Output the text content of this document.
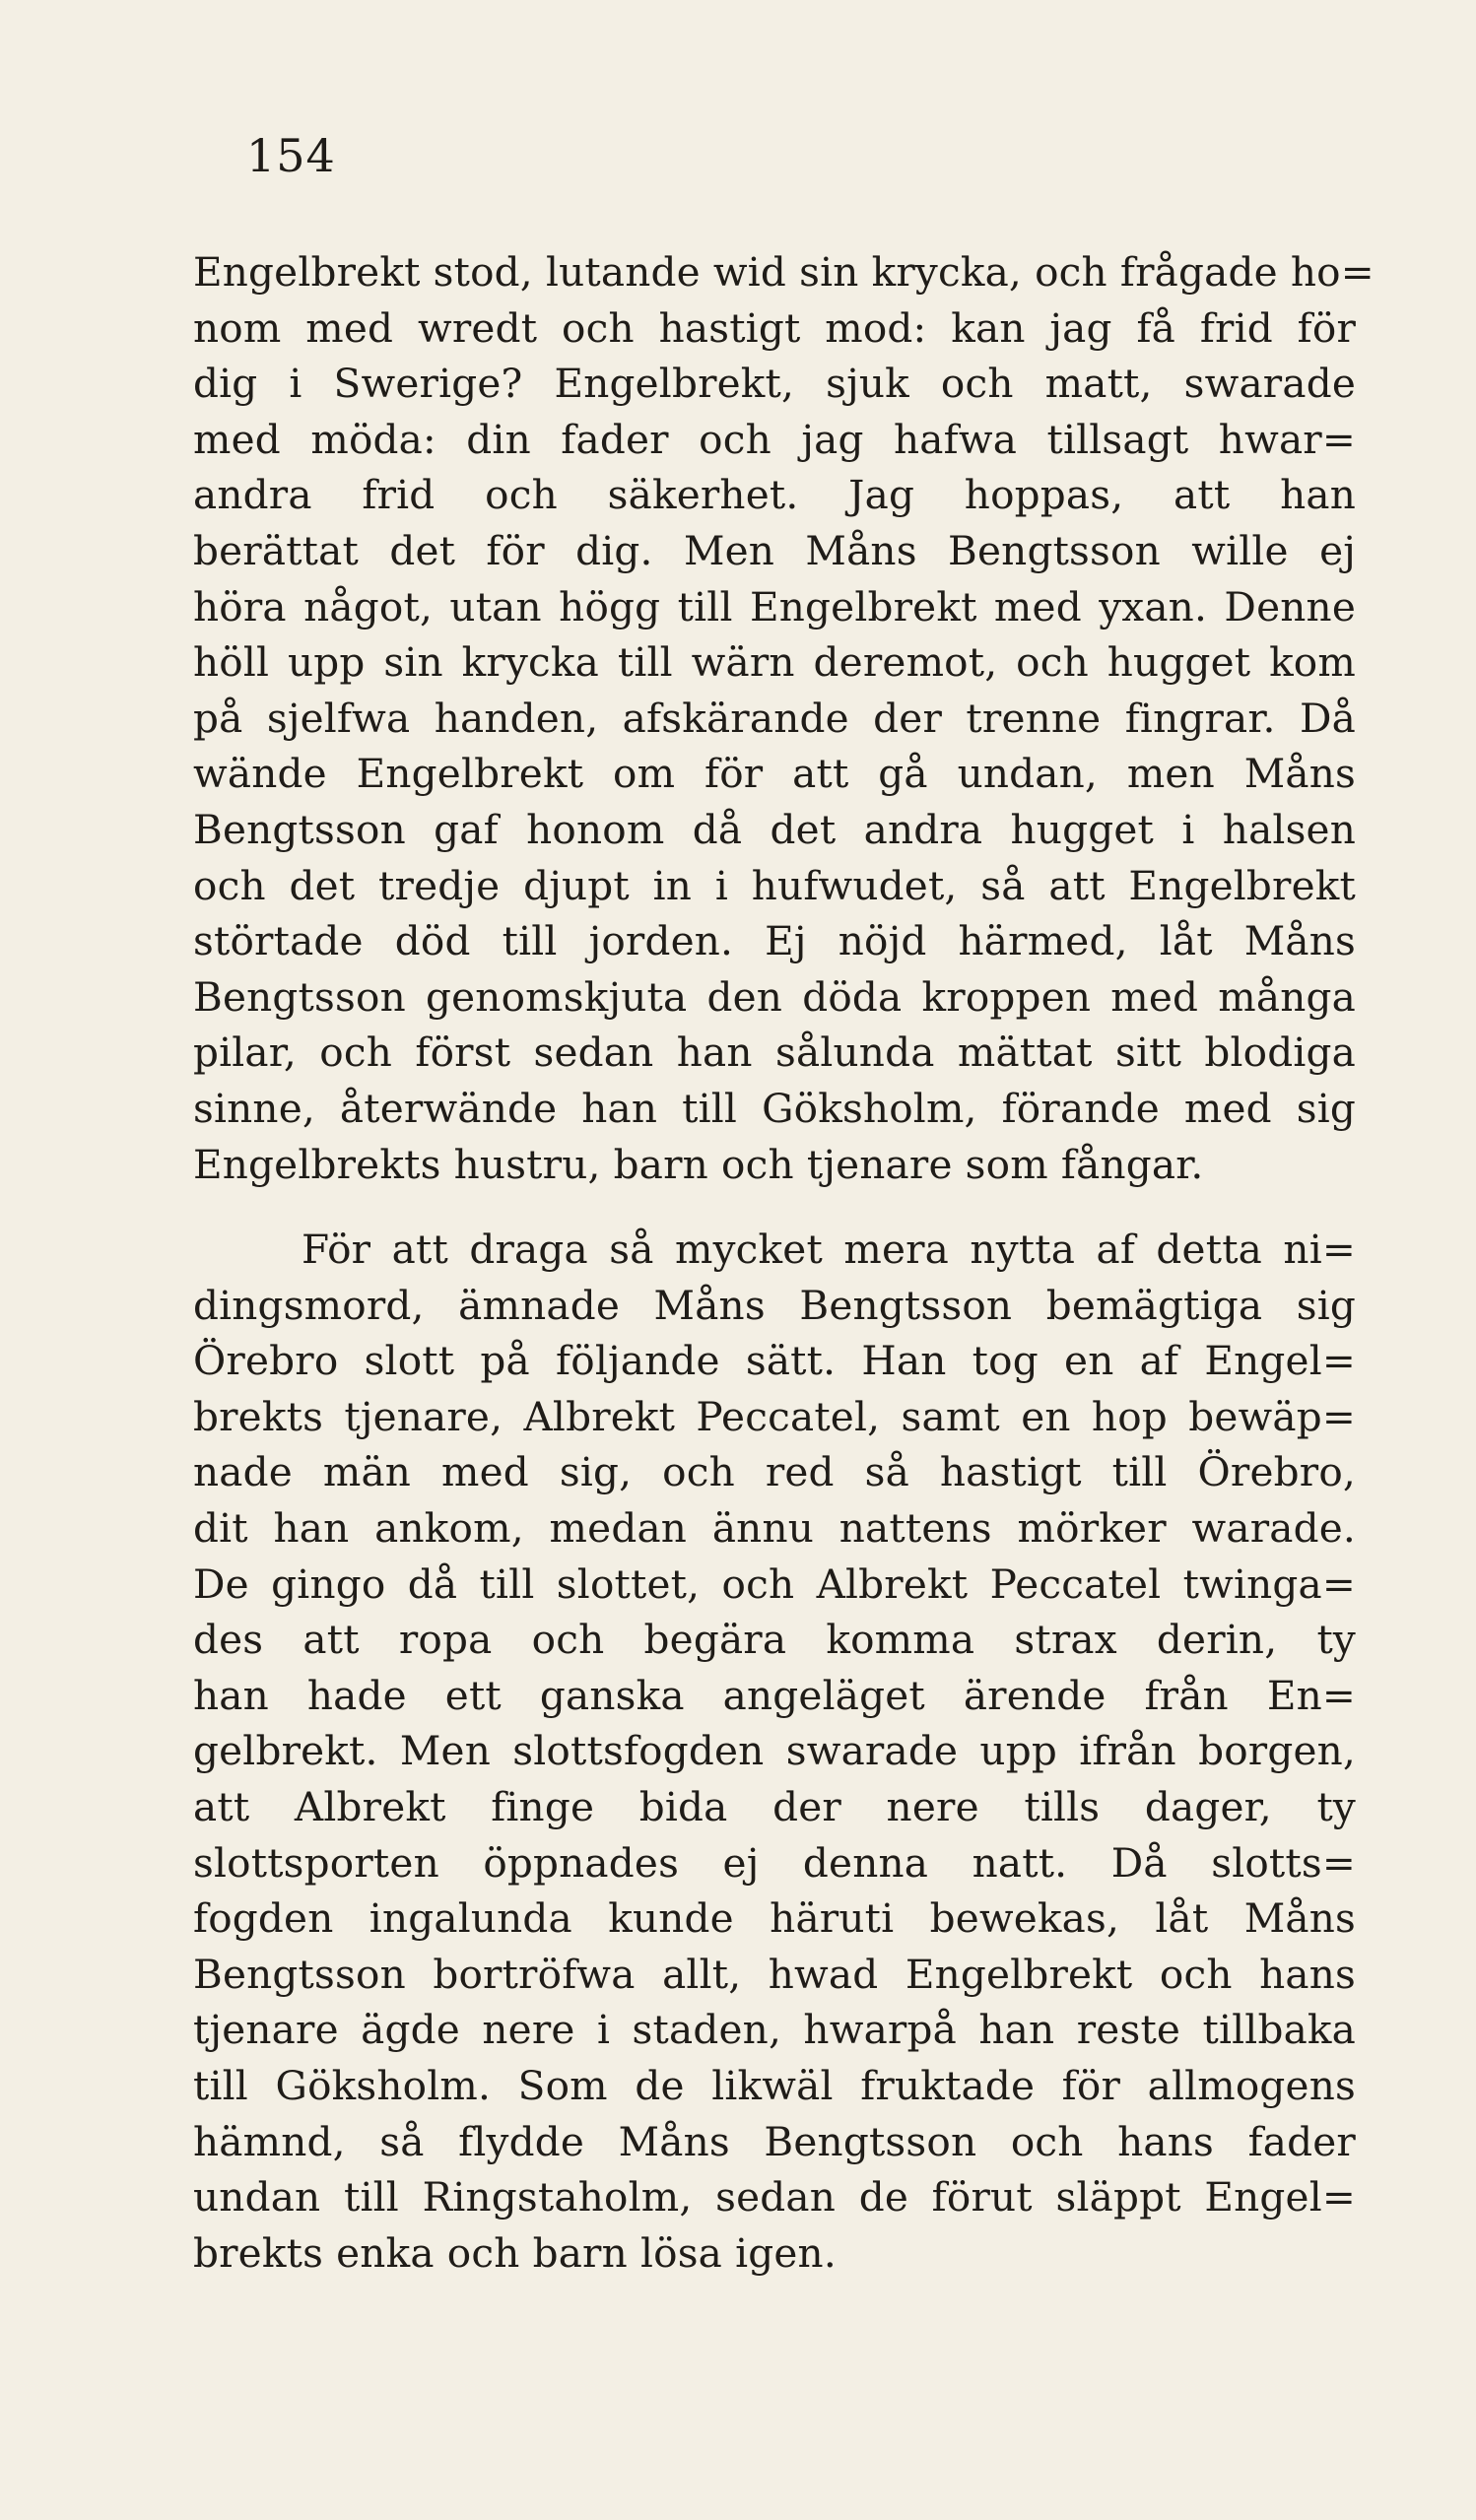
154
Engelbrekt stod, lutande wid sin krycka, och frågade ho=
nom med wredt och hastigt mod: kan jag få frid för
dig i Swerige? Engelbrekt, sjuk och matt, swarade
med möda: din fader och jag hafwa tillsagt hwar=
andra frid och säkerhet. Jag hoppas, att han
berättat det för dig. Men Måns Bengtsson wille ej
höra något, utan högg till Engelbrekt med yxan. Denne
höll upp sin krycka till wärn deremot, och hugget kom
på sjelfwa handen, afskärande der trenne fingrar. Då
wände Engelbrekt om för att gå undan, men Måns
Bengtsson gaf honom då det andra hugget i halsen
och det tredje djupt in i hufwudet, så att Engelbrekt
störtade död till jorden. Ej nöjd härmed, låt Måns
Bengtsson genomskjuta den döda kroppen med många
pilar, och först sedan han sålunda mättat sitt blodiga
sinne, återwände han till Göksholm, förande med sig
Engelbrekts hustru, barn och tjenare som fångar.
För att draga så mycket mera nytta af detta ni=
dingsmord, ämnade Måns Bengtsson bemägtiga sig
Örebro slott på följande sätt. Han tog en af Engel=
brekts tjenare, Albrekt Peccatel, samt en hop bewäp=
nade män med sig, och red så hastigt till Örebro,
dit han ankom, medan ännu nattens mörker warade.
De gingo då till slottet, och Albrekt Peccatel twinga=
des att ropa och begära komma strax derin, ty
han hade ett ganska angeläget ärende från En=
gelbrekt. Men slottsfogden swarade upp ifrån borgen,
att Albrekt finge bida der nere tills dager, ty
slottsporten öppnades ej denna natt. Då slotts=
fogden ingalunda kunde häruti bewekas, låt Måns
Bengtsson bortröfwa allt, hwad Engelbrekt och hans
tjenare ägde nere i staden, hwarpå han reste tillbaka
till Göksholm. Som de likwäl fruktade för allmogens
hämnd, så flydde Måns Bengtsson och hans fader
undan till Ringstaholm, sedan de förut släppt Engel=
brekts enka och barn lösa igen.
